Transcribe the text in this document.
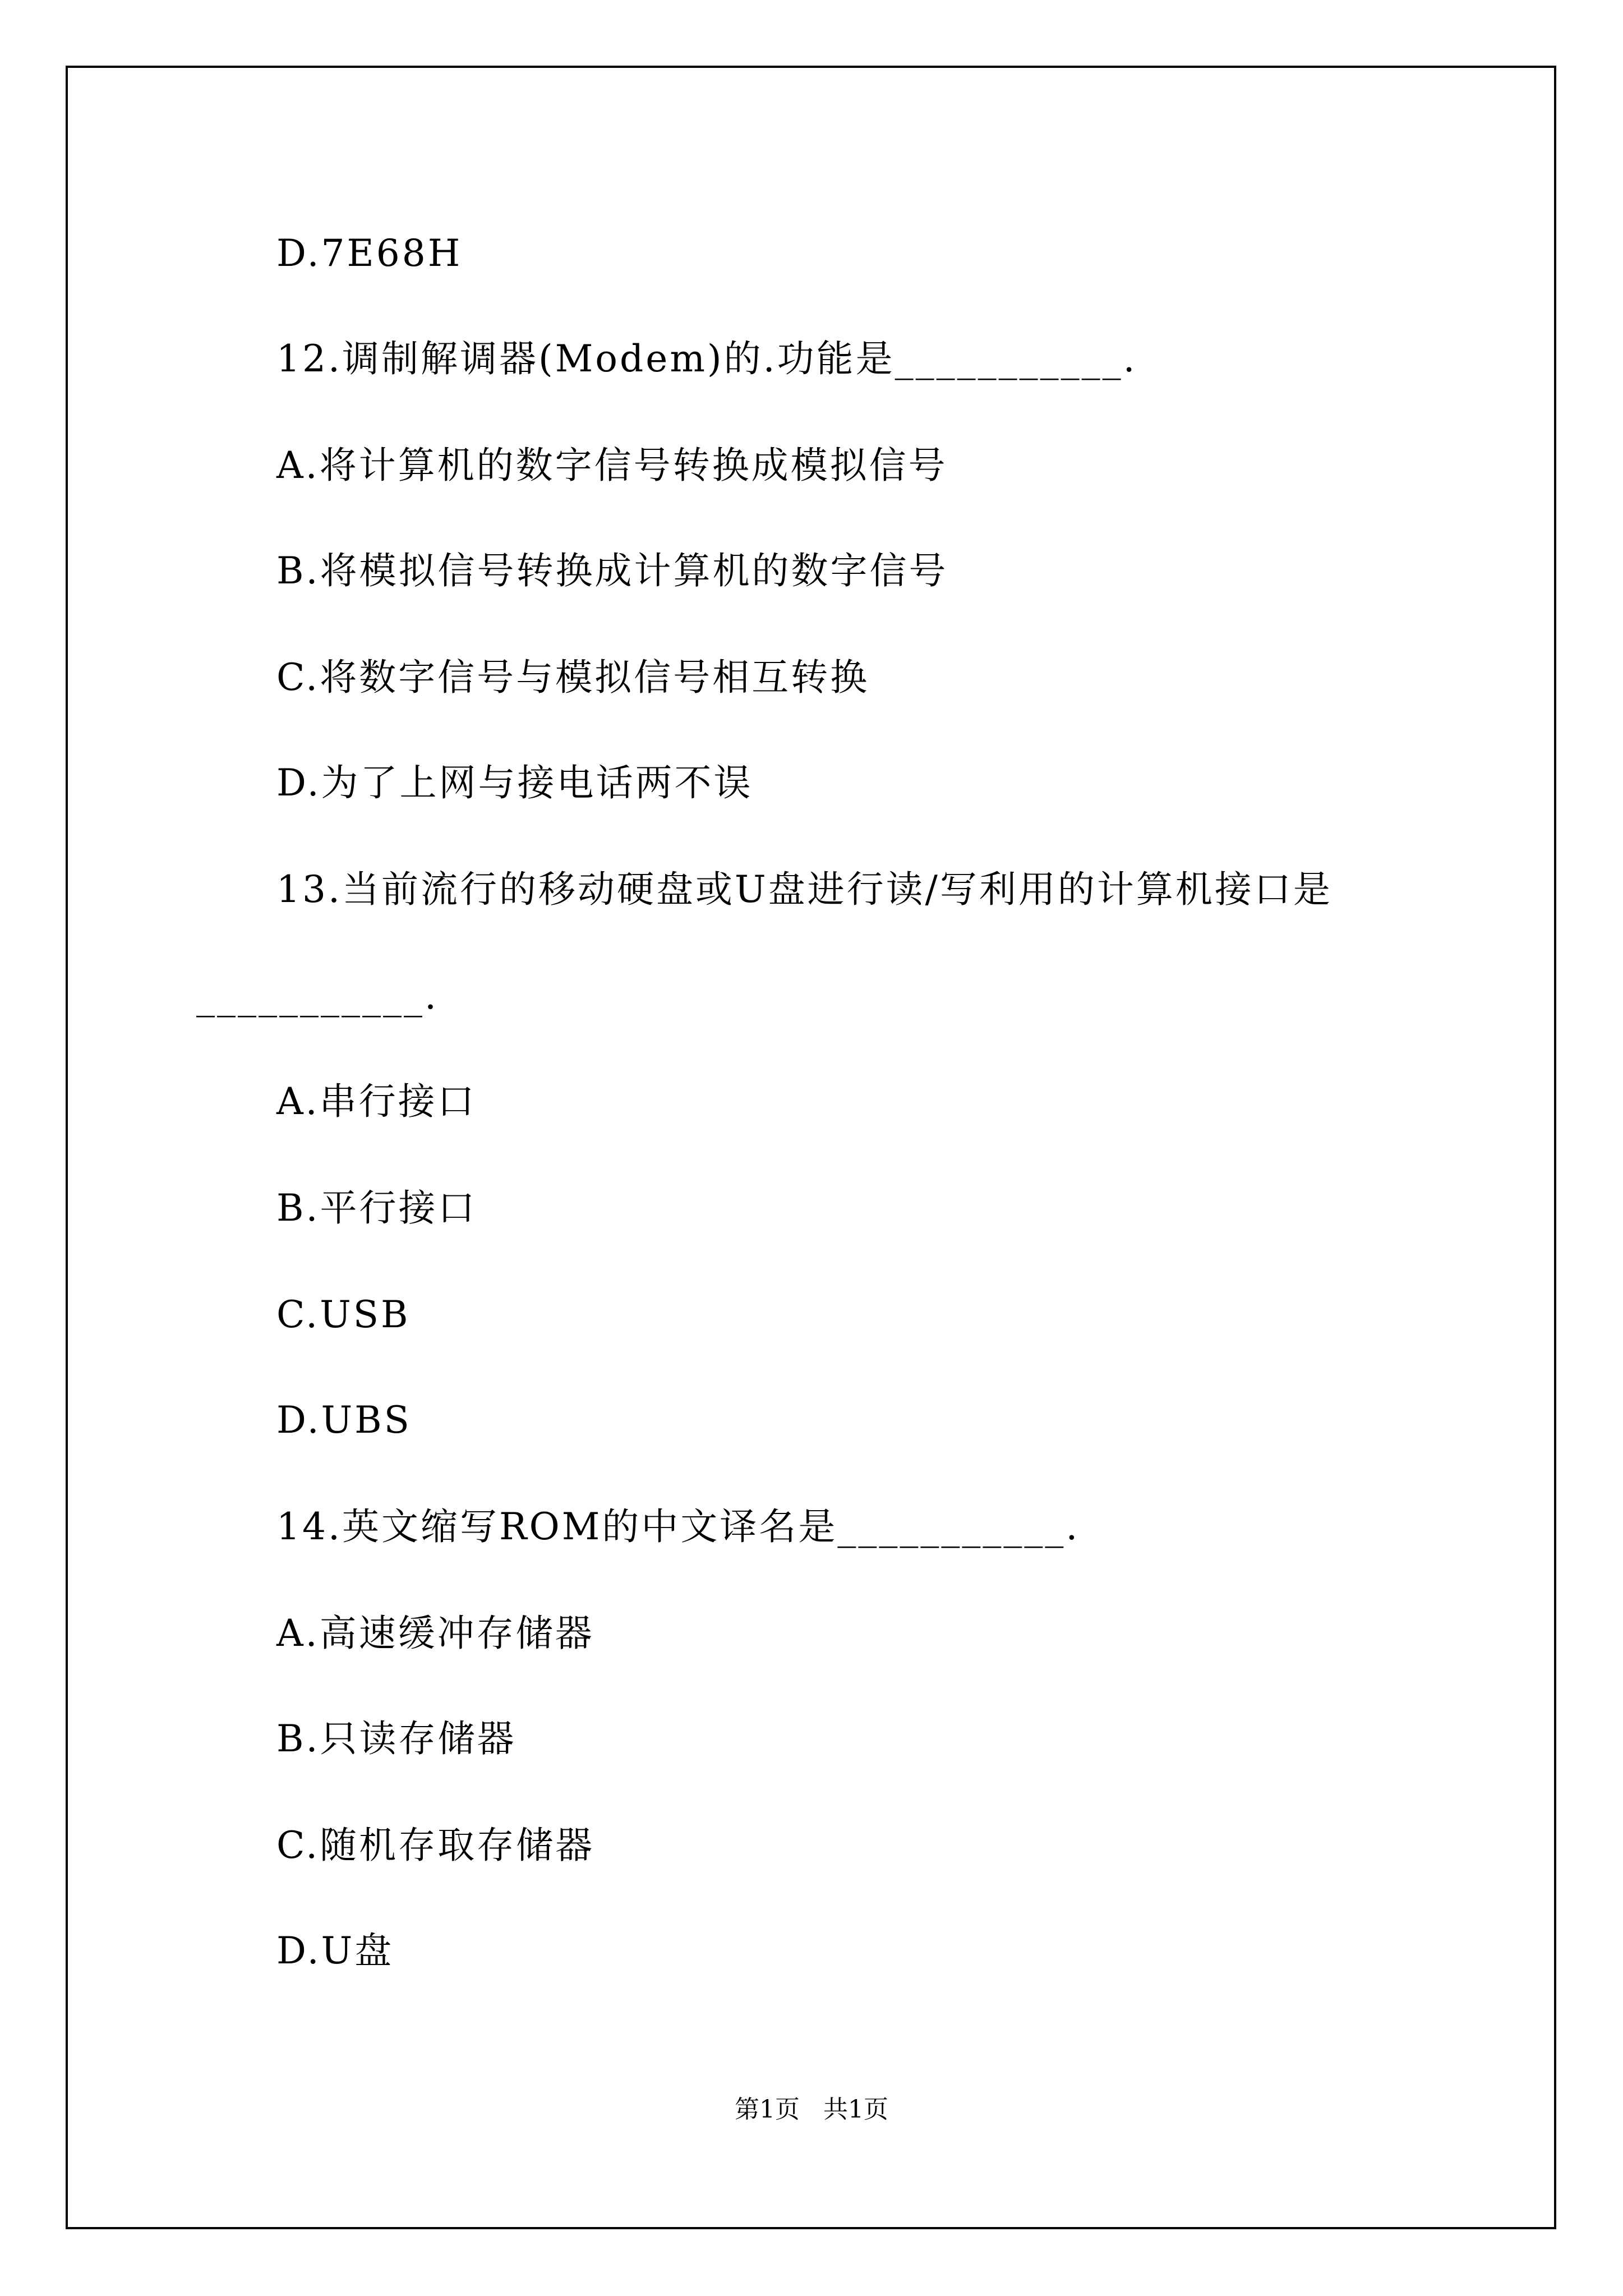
D.7E68H
12.调制解调器(Modem)的.功能是___________.
A.将计算机的数字信号转换成模拟信号
B.将模拟信号转换成计算机的数字信号
C.将数字信号与模拟信号相互转换
D.为了上网与接电话两不误
13.当前流行的移动硬盘或U盘进行读/写利用的计算机接口是
___________.
A.串行接口
B.平行接口
C.USB
D.UBS
14.英文缩写ROM的中文译名是___________.
A.高速缓冲存储器
B.只读存储器
C.随机存取存储器
D.U盘
第1页   共1页
